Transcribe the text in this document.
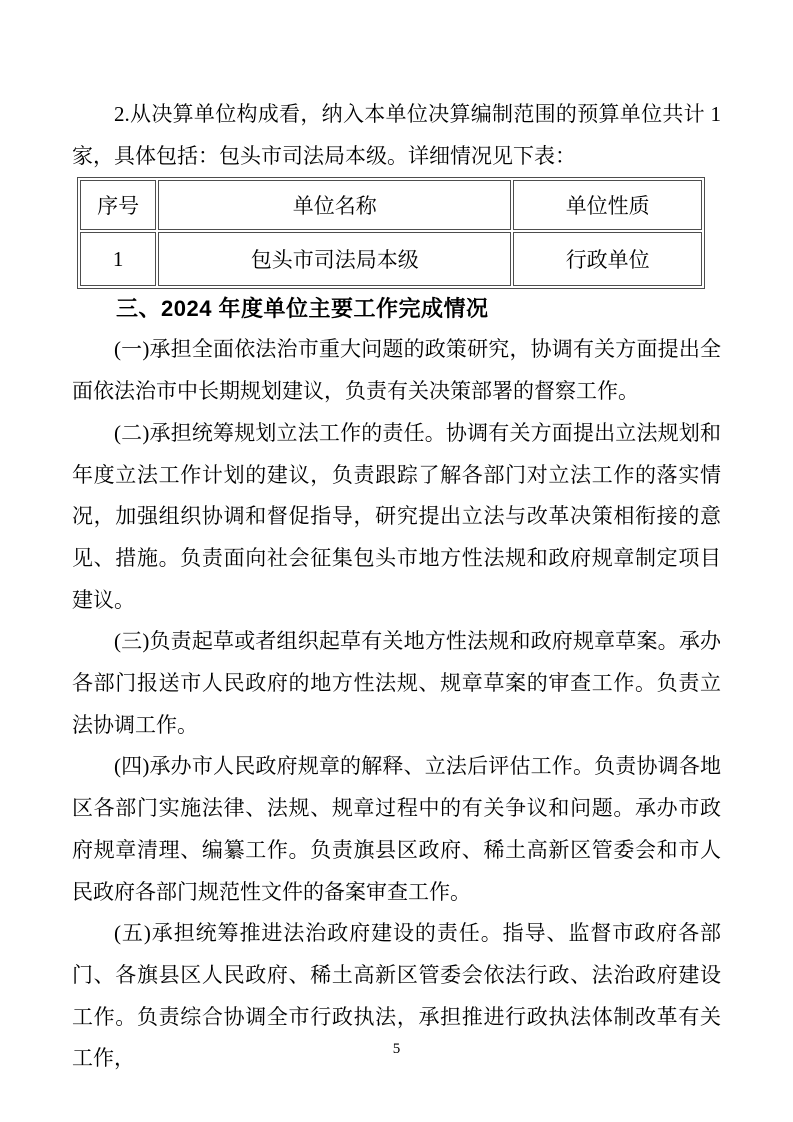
2.从决算单位构成看，纳入本单位决算编制范围的预算单位共计 1 家，具体包括：包头市司法局本级。详细情况见下表：

序号	单位名称	单位性质
1	包头市司法局本级	行政单位
三、2024 年度单位主要工作完成情况

(一)承担全面依法治市重大问题的政策研究，协调有关方面提出全面依法治市中长期规划建议，负责有关决策部署的督察工作。

(二)承担统筹规划立法工作的责任。协调有关方面提出立法规划和年度立法工作计划的建议，负责跟踪了解各部门对立法工作的落实情况，加强组织协调和督促指导，研究提出立法与改革决策相衔接的意见、措施。负责面向社会征集包头市地方性法规和政府规章制定项目建议。

(三)负责起草或者组织起草有关地方性法规和政府规章草案。承办各部门报送市人民政府的地方性法规、规章草案的审查工作。负责立法协调工作。

(四)承办市人民政府规章的解释、立法后评估工作。负责协调各地区各部门实施法律、法规、规章过程中的有关争议和问题。承办市政府规章清理、编纂工作。负责旗县区政府、稀土高新区管委会和市人民政府各部门规范性文件的备案审查工作。

(五)承担统筹推进法治政府建设的责任。指导、监督市政府各部门、各旗县区人民政府、稀土高新区管委会依法行政、法治政府建设工作。负责综合协调全市行政执法，承担推进行政执法体制改革有关工作，	5
